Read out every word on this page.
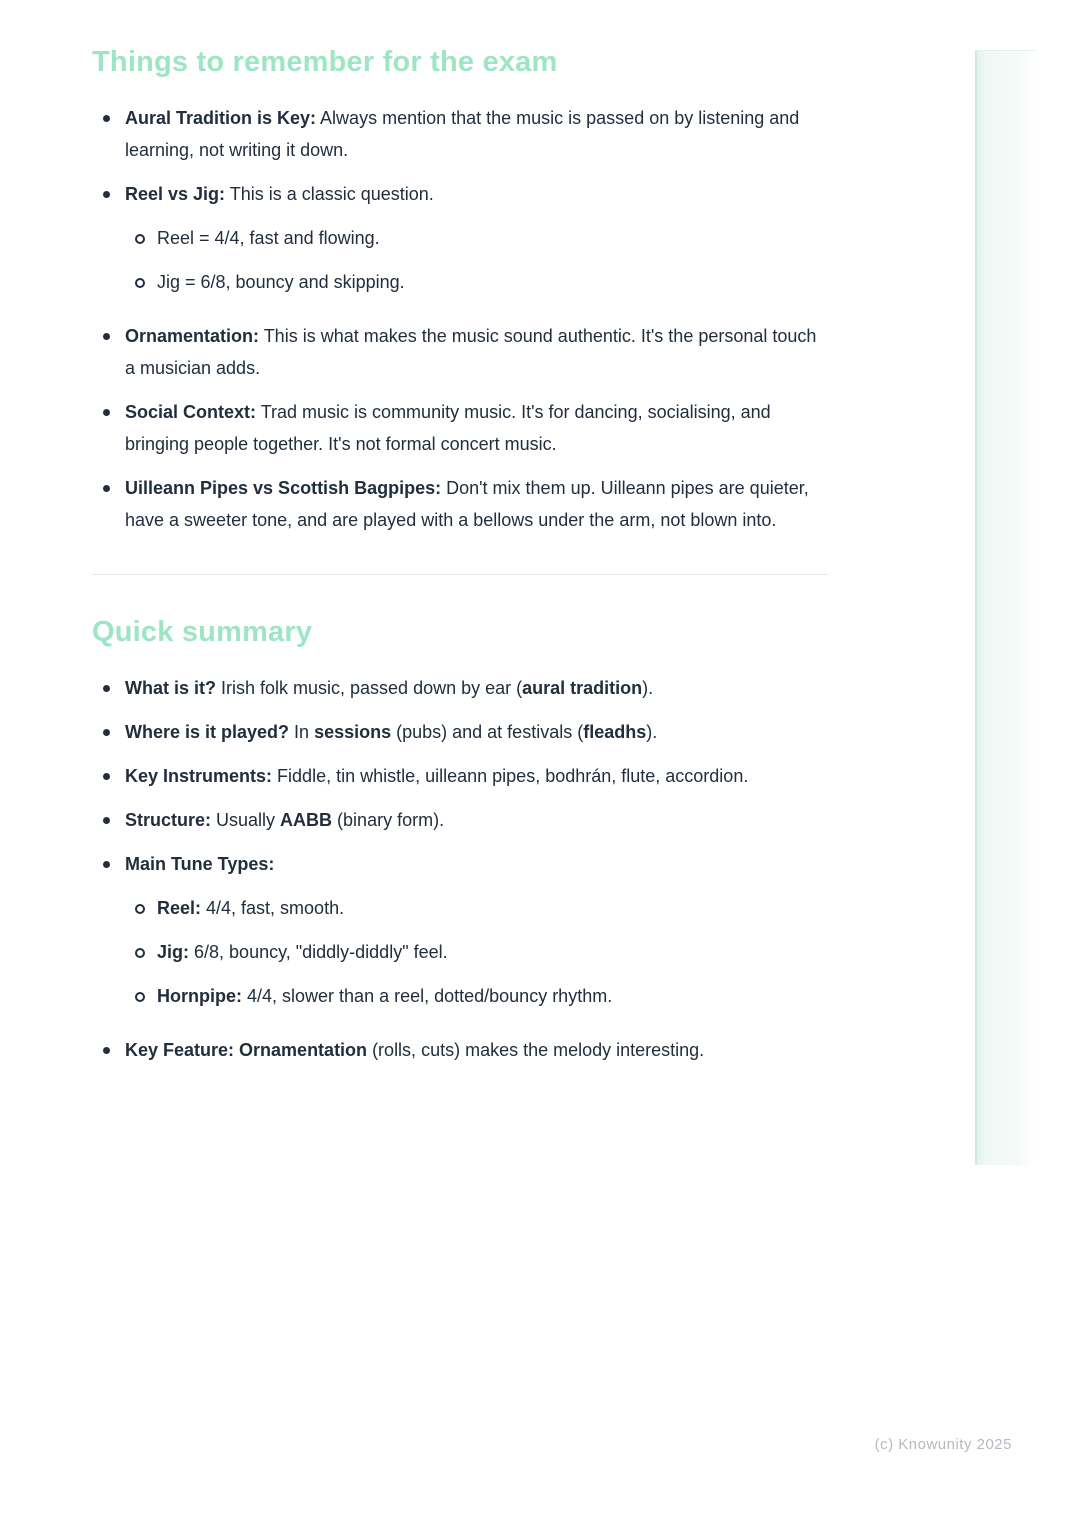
Things to remember for the exam
Aural Tradition is Key: Always mention that the music is passed on by listening and learning, not writing it down.
Reel vs Jig: This is a classic question.
Reel = 4/4, fast and flowing.
Jig = 6/8, bouncy and skipping.
Ornamentation: This is what makes the music sound authentic. It's the personal touch a musician adds.
Social Context: Trad music is community music. It's for dancing, socialising, and bringing people together. It's not formal concert music.
Uilleann Pipes vs Scottish Bagpipes: Don't mix them up. Uilleann pipes are quieter, have a sweeter tone, and are played with a bellows under the arm, not blown into.
Quick summary
What is it? Irish folk music, passed down by ear (aural tradition).
Where is it played? In sessions (pubs) and at festivals (fleadhs).
Key Instruments: Fiddle, tin whistle, uilleann pipes, bodhrán, flute, accordion.
Structure: Usually AABB (binary form).
Main Tune Types:
Reel: 4/4, fast, smooth.
Jig: 6/8, bouncy, "diddly-diddly" feel.
Hornpipe: 4/4, slower than a reel, dotted/bouncy rhythm.
Key Feature: Ornamentation (rolls, cuts) makes the melody interesting.
(c) Knowunity 2025
